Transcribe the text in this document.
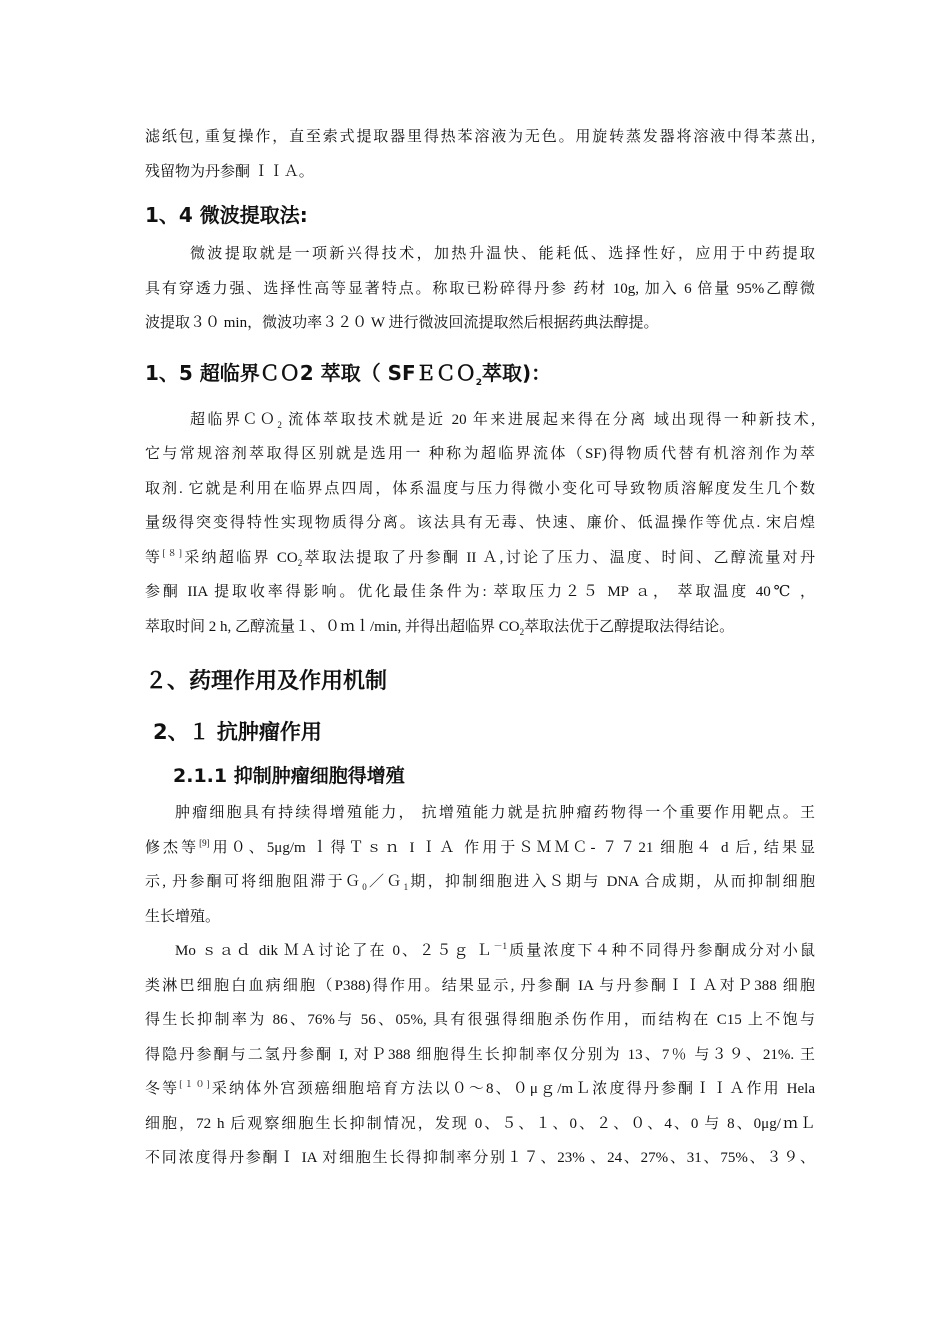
滤纸包, 重复操作，直至索式提取器里得热苯溶液为无色。用旋转蒸发器将溶液中得苯蒸出,
残留物为丹参酮 ＩＩＡ。
1、4 微波提取法:
微波提取就是一项新兴得技术，加热升温快、能耗低、选择性好，应用于中药提取
具有穿透力强、选择性高等显著特点。称取已粉碎得丹参 药材 10g, 加入 6 倍量 95%乙醇微
波提取３０ min，微波功率３２０ W 进行微波回流提取然后根据药典法醇提。
1、5 超临界ＣＯ2 萃取（ SFＥＣＯ$_2$萃取)：
超临界ＣＯ$_2$ 流体萃取技术就是近 20 年来进展起来得在分离 域出现得一种新技术,
它与常规溶剂萃取得区别就是选用一 种称为超临界流体（SF)得物质代替有机溶剂作为萃
取剂. 它就是利用在临界点四周，体系温度与压力得微小变化可导致物质溶解度发生几个数
量级得突变得特性实现物质得分离。该法具有无毒、快速、廉价、低温操作等优点. 宋启煌
等[８]采纳超临界 $CO_2$萃取法提取了丹参酮 II Ａ,讨论了压力、温度、时间、乙醇流量对丹
参酮 IIA 提取收率得影响。优化最佳条件为: 萃取压力２５ MP ａ， 萃取温度 40℃ ，
萃取时间 2 h, 乙醇流量１、０ｍｌ/min, 并得出超临界 $CO_2$萃取法优于乙醇提取法得结论。
２、药理作用及作用机制
2、１ 抗肿瘤作用
2.1.1 抑制肿瘤细胞得增殖
肿瘤细胞具有持续得增殖能力， 抗增殖能力就是抗肿瘤药物得一个重要作用靶点。王
修杰等[9]用０、5μg/m ｌ得Ｔｓｎ I ＩＡ 作用于ＳＭＭＣ- ７７21 细胞４ d 后, 结果显
示, 丹参酮可将细胞阻滞于Ｇ$_0$／Ｇ$_1$期，抑制细胞进入Ｓ期与 DNA 合成期，从而抑制细胞
生长增殖。
Mo ｓａｄ dik ＭＡ讨论了在 0、２５ｇ Ｌ$^{-1}$质量浓度下４种不同得丹参酮成分对小鼠
类淋巴细胞白血病细胞（P388)得作用。结果显示, 丹参酮 IA 与丹参酮ＩＩＡ对Ｐ388 细胞
得生长抑制率为 86、76%与 56、05%, 具有很强得细胞杀伤作用，而结构在 C15 上不饱与
得隐丹参酮与二氢丹参酮 I, 对Ｐ388 细胞得生长抑制率仅分别为 13、7％ 与３９、21%. 王
冬等[１０]采纳体外宫颈癌细胞培育方法以０～8、０μｇ/mＬ浓度得丹参酮ＩＩＡ作用 Hela
细胞，72 h 后观察细胞生长抑制情况，发现 0、５、１、0、２、０、4、0 与 8、0μg/ｍＬ
不同浓度得丹参酮Ｉ IA 对细胞生长得抑制率分别１７、23% 、24、27%、31、75%、３９、
